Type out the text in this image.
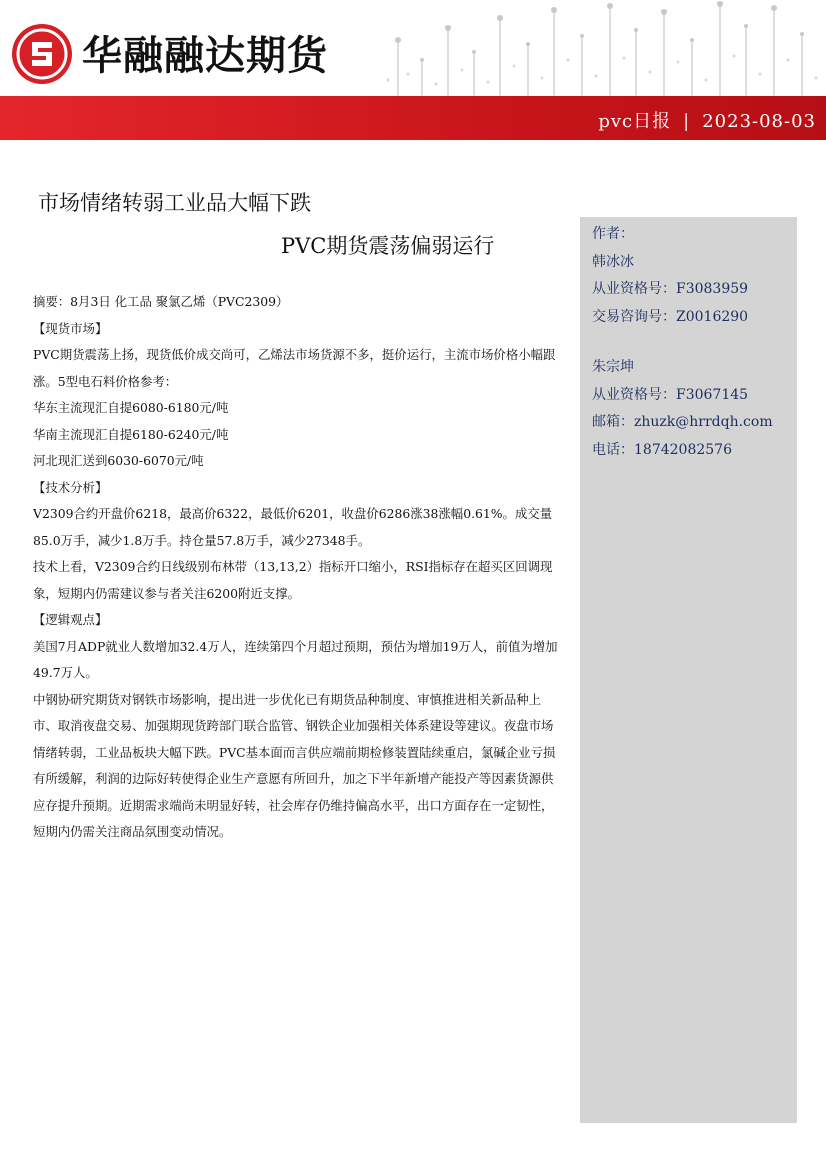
华融融达期货
pvc日报 | 2023-08-03
市场情绪转弱工业品大幅下跌
PVC期货震荡偏弱运行

摘要：8月3日 化工品 聚氯乙烯（PVC2309）

【现货市场】

PVC期货震荡上扬，现货低价成交尚可，乙烯法市场货源不多，挺价运行，主流市场价格小幅跟涨。5型电石料价格参考：

华东主流现汇自提6080-6180元/吨

华南主流现汇自提6180-6240元/吨

河北现汇送到6030-6070元/吨

【技术分析】

V2309合约开盘价6218，最高价6322，最低价6201，收盘价6286涨38涨幅0.61%。成交量85.0万手，减少1.8万手。持仓量57.8万手，减少27348手。

技术上看，V2309合约日线级别布林带（13,13,2）指标开口缩小，RSI指标存在超买区回调现象，短期内仍需建议参与者关注6200附近支撑。

【逻辑观点】

美国7月ADP就业人数增加32.4万人，连续第四个月超过预期，预估为增加19万人，前值为增加49.7万人。

中钢协研究期货对钢铁市场影响，提出进一步优化已有期货品种制度、审慎推进相关新品种上市、取消夜盘交易、加强期现货跨部门联合监管、钢铁企业加强相关体系建设等建议。夜盘市场情绪转弱，工业品板块大幅下跌。PVC基本面而言供应端前期检修装置陆续重启，氯碱企业亏损有所缓解，利润的边际好转使得企业生产意愿有所回升，加之下半年新增产能投产等因素货源供应存提升预期。近期需求端尚未明显好转，社会库存仍维持偏高水平，出口方面存在一定韧性，短期内仍需关注商品氛围变动情况。

作者：
韩冰冰
从业资格号：F3083959
交易咨询号：Z0016290
朱宗坤
从业资格号：F3067145
邮箱：zhuzk@hrrdqh.com
电话：18742082576
